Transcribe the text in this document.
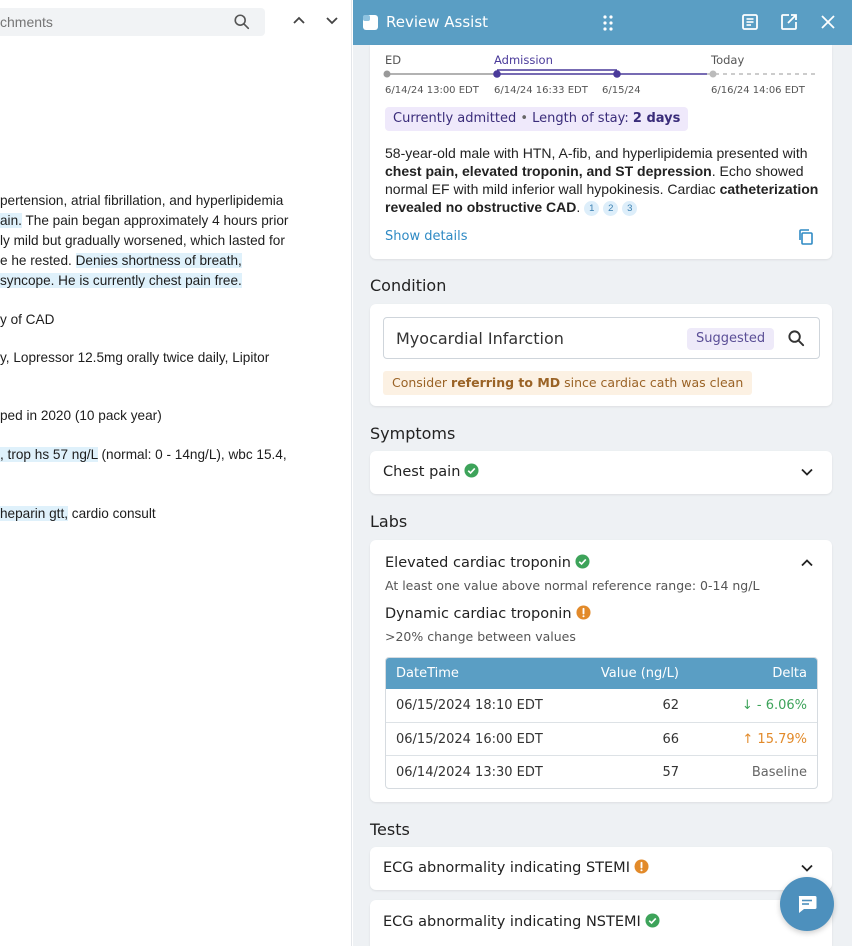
chments
pertension, atrial fibrillation, and hyperlipidemia
ain. The pain began approximately 4 hours prior
ly mild but gradually worsened, which lasted for
e he rested. Denies shortness of breath,
syncope. He is currently chest pain free.
y of CAD
y, Lopressor 12.5mg orally twice daily, Lipitor
ped in 2020 (10 pack year)
, trop hs 57 ng/L (normal: 0 - 14ng/L), wbc 15.4,
heparin gtt, cardio consult
Review Assist
ED	Admission	Today
6/14/24 13:00 EDT 6/14/24 16:33 EDT 6/15/24	6/16/24 14:06 EDT
Currently admitted • Length of stay: 2 days
58-year-old male with HTN, A-fib, and hyperlipidemia presented with chest pain, elevated troponin, and ST depression. Echo showed normal EF with mild inferior wall hypokinesis. Cardiac catheterization revealed no obstructive CAD. 1 2 3
Show details
Condition
Myocardial Infarction	Suggested
Consider referring to MD since cardiac cath was clean
Symptoms
Chest pain
Labs
Elevated cardiac troponin
At least one value above normal reference range: 0-14 ng/L
Dynamic cardiac troponin
>20% change between values
DateTime	Value (ng/L)	Delta
06/15/2024 18:10 EDT	62	↓ - 6.06%
06/15/2024 16:00 EDT	66	↑ 15.79%
06/14/2024 13:30 EDT	57	Baseline
Tests
ECG abnormality indicating STEMI
ECG abnormality indicating NSTEMI
